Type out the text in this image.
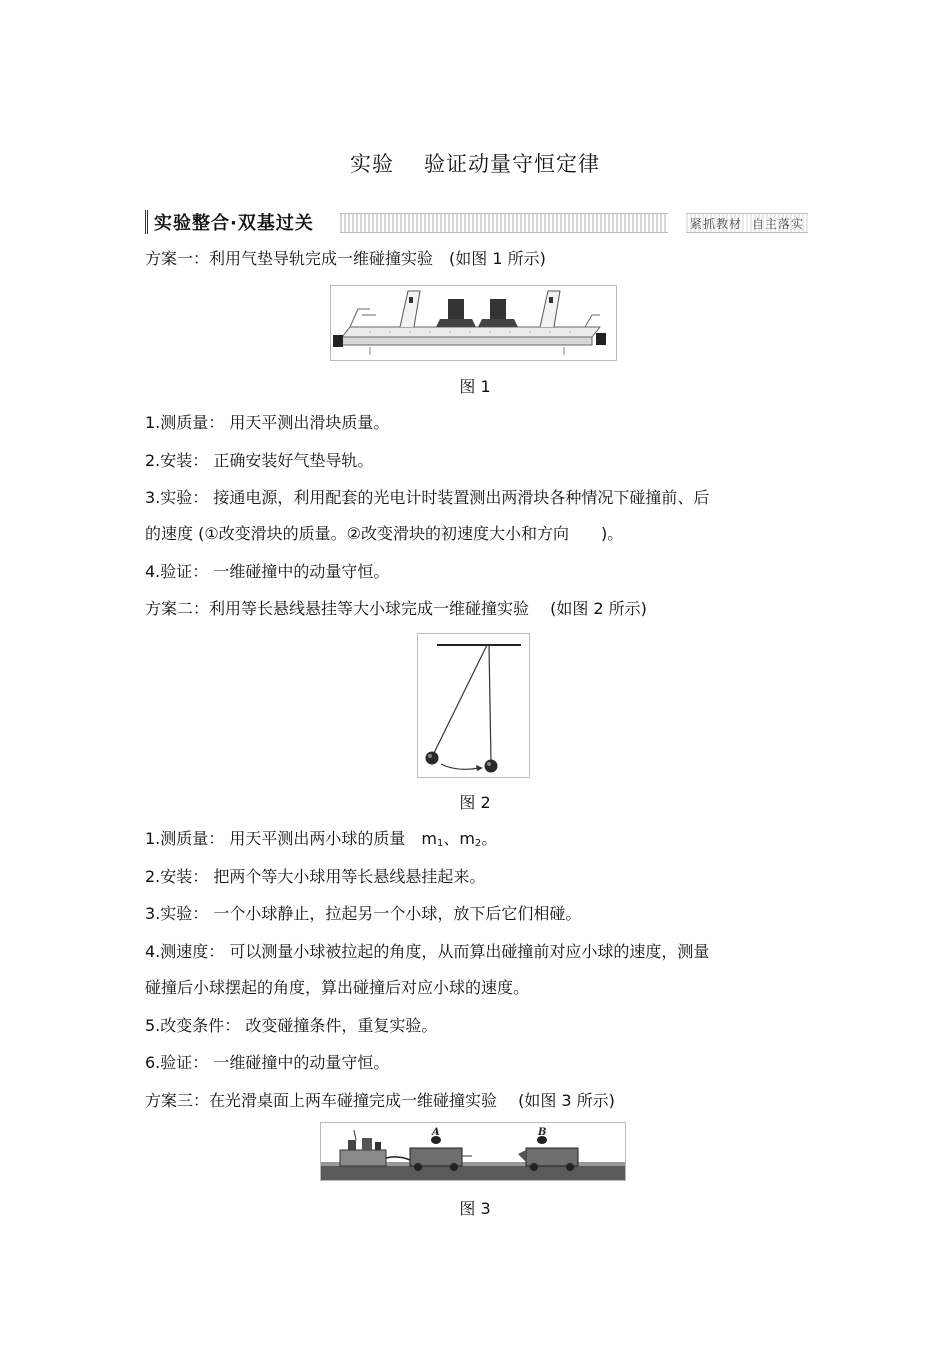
实验 验证动量守恒定律
实验整合·双基过关	紧抓教材 自主落实
方案一：利用气垫导轨完成一维碰撞实验　(如图 1 所示)
图 1
1.测质量： 用天平测出滑块质量。
2.安装： 正确安装好气垫导轨。
3.实验： 接通电源，利用配套的光电计时装置测出两滑块各种情况下碰撞前、后
的速度 (①改变滑块的质量。②改变滑块的初速度大小和方向　　)。
4.验证： 一维碰撞中的动量守恒。
方案二：利用等长悬线悬挂等大小球完成一维碰撞实验　 (如图 2 所示)
图 2
1.测质量： 用天平测出两小球的质量　$m_1$、$m_2$。
2.安装： 把两个等大小球用等长悬线悬挂起来。
3.实验： 一个小球静止，拉起另一个小球，放下后它们相碰。
4.测速度： 可以测量小球被拉起的角度，从而算出碰撞前对应小球的速度，测量
碰撞后小球摆起的角度，算出碰撞后对应小球的速度。
5.改变条件： 改变碰撞条件，重复实验。
6.验证： 一维碰撞中的动量守恒。
方案三：在光滑桌面上两车碰撞完成一维碰撞实验　 (如图 3 所示)
A	B
图 3
